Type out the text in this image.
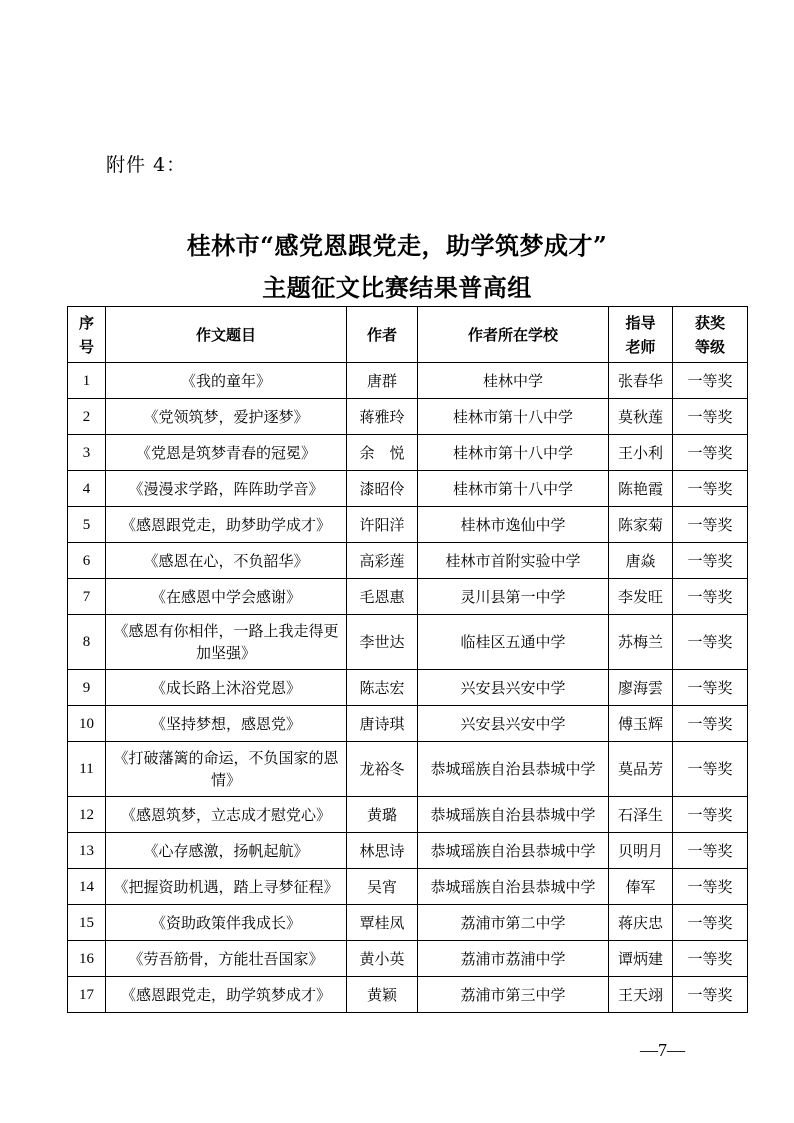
附件 4：
桂林市“感党恩跟党走，助学筑梦成才”
主题征文比赛结果普高组
序号	作文题目	作者	作者所在学校	指导老师	获奖等级
1	《我的童年》	唐群	桂林中学	张春华	一等奖
2	《党领筑梦，爱护逐梦》	蒋雅玲	桂林市第十八中学	莫秋莲	一等奖
3	《党恩是筑梦青春的冠冕》	余　悦	桂林市第十八中学	王小利	一等奖
4	《漫漫求学路，阵阵助学音》	漆昭伶	桂林市第十八中学	陈艳霞	一等奖
5	《感恩跟党走，助梦助学成才》	许阳洋	桂林市逸仙中学	陈家菊	一等奖
6	《感恩在心，不负韶华》	高彩莲	桂林市首附实验中学	唐焱	一等奖
7	《在感恩中学会感谢》	毛恩惠	灵川县第一中学	李发旺	一等奖
8	《感恩有你相伴，一路上我走得更加坚强》	李世达	临桂区五通中学	苏梅兰	一等奖
9	《成长路上沐浴党恩》	陈志宏	兴安县兴安中学	廖海雲	一等奖
10	《坚持梦想，感恩党》	唐诗琪	兴安县兴安中学	傅玉辉	一等奖
11	《打破藩篱的命运，不负国家的恩情》	龙裕冬	恭城瑶族自治县恭城中学	莫品芳	一等奖
12	《感恩筑梦，立志成才慰党心》	黄璐	恭城瑶族自治县恭城中学	石泽生	一等奖
13	《心存感激，扬帆起航》	林思诗	恭城瑶族自治县恭城中学	贝明月	一等奖
14	《把握资助机遇，踏上寻梦征程》	吴宵	恭城瑶族自治县恭城中学	俸军	一等奖
15	《资助政策伴我成长》	覃桂凤	荔浦市第二中学	蒋庆忠	一等奖
16	《劳吾筋骨，方能壮吾国家》	黄小英	荔浦市荔浦中学	谭炳建	一等奖
17	《感恩跟党走，助学筑梦成才》	黄颖	荔浦市第三中学	王天翊	一等奖
—7—
